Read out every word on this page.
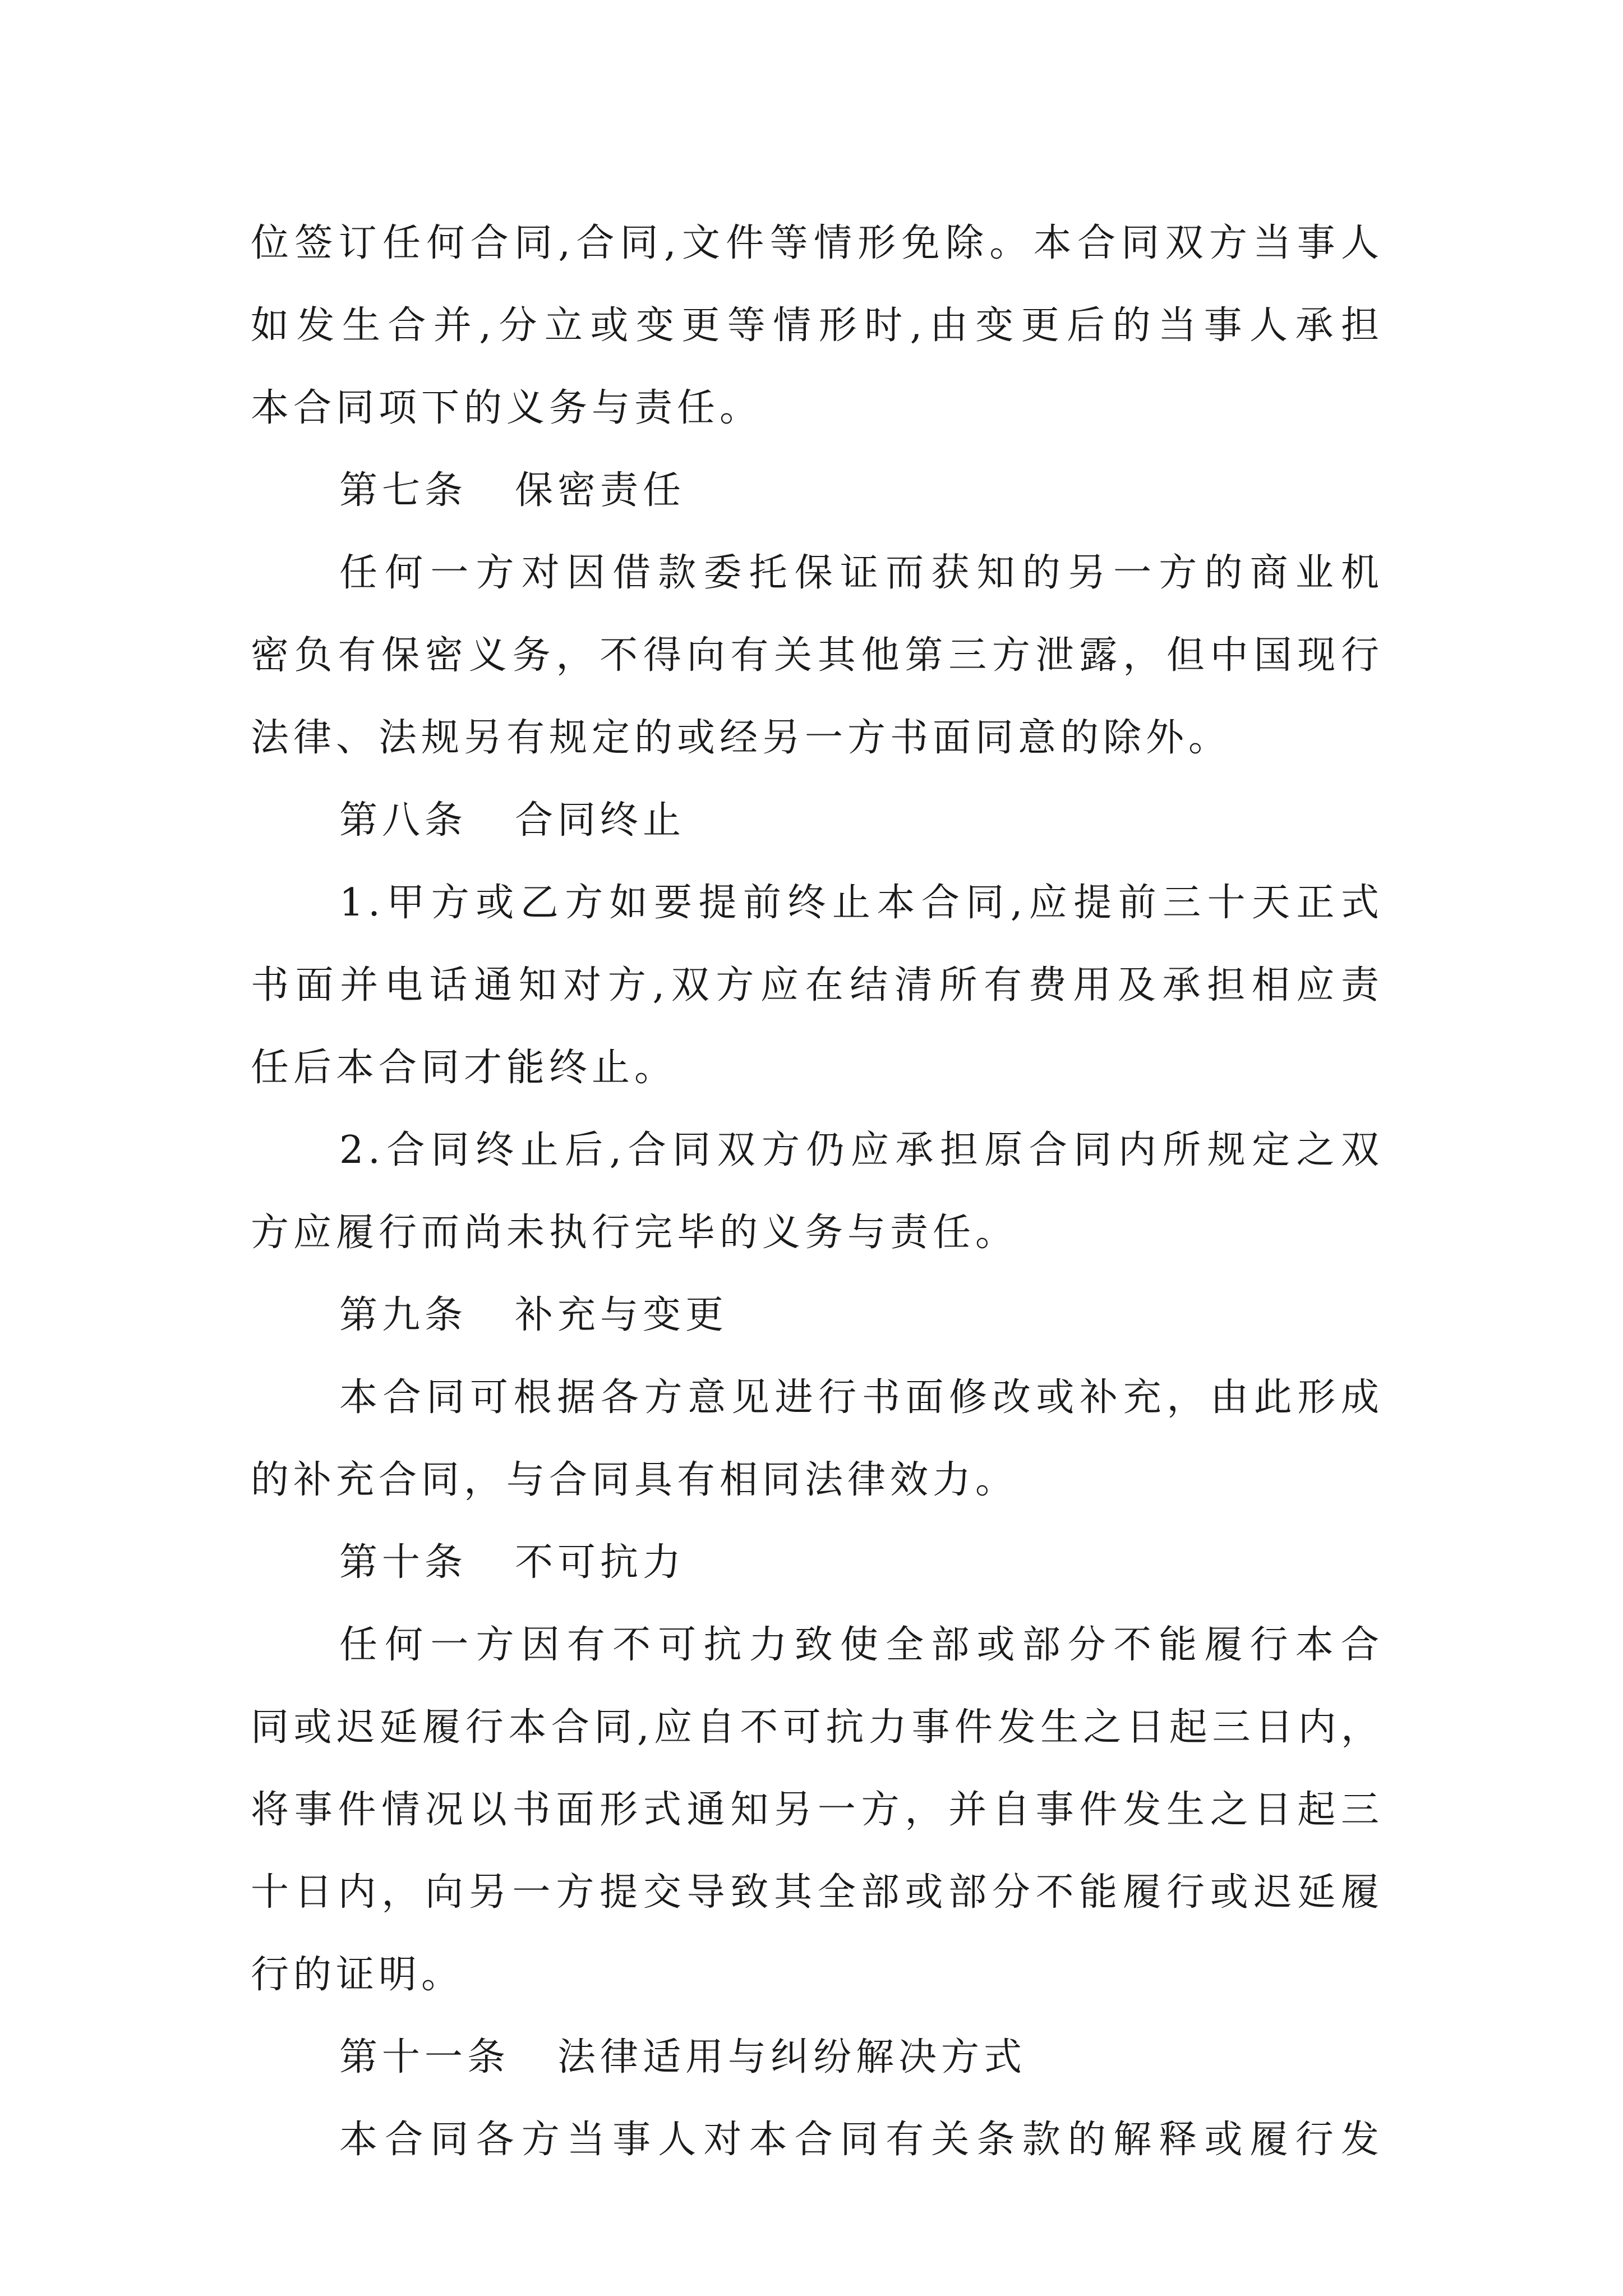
位签订任何合同,合同,文件等情形免除。本合同双方当事人
如发生合并,分立或变更等情形时,由变更后的当事人承担
本合同项下的义务与责任。
第七条 保密责任
任何一方对因借款委托保证而获知的另一方的商业机
密负有保密义务，不得向有关其他第三方泄露，但中国现行
法律、法规另有规定的或经另一方书面同意的除外。
第八条 合同终止
1.甲方或乙方如要提前终止本合同,应提前三十天正式
书面并电话通知对方,双方应在结清所有费用及承担相应责
任后本合同才能终止。
2.合同终止后,合同双方仍应承担原合同内所规定之双
方应履行而尚未执行完毕的义务与责任。
第九条 补充与变更
本合同可根据各方意见进行书面修改或补充，由此形成
的补充合同，与合同具有相同法律效力。
第十条 不可抗力
任何一方因有不可抗力致使全部或部分不能履行本合
同或迟延履行本合同,应自不可抗力事件发生之日起三日内，
将事件情况以书面形式通知另一方，并自事件发生之日起三
十日内，向另一方提交导致其全部或部分不能履行或迟延履
行的证明。
第十一条 法律适用与纠纷解决方式
本合同各方当事人对本合同有关条款的解释或履行发
